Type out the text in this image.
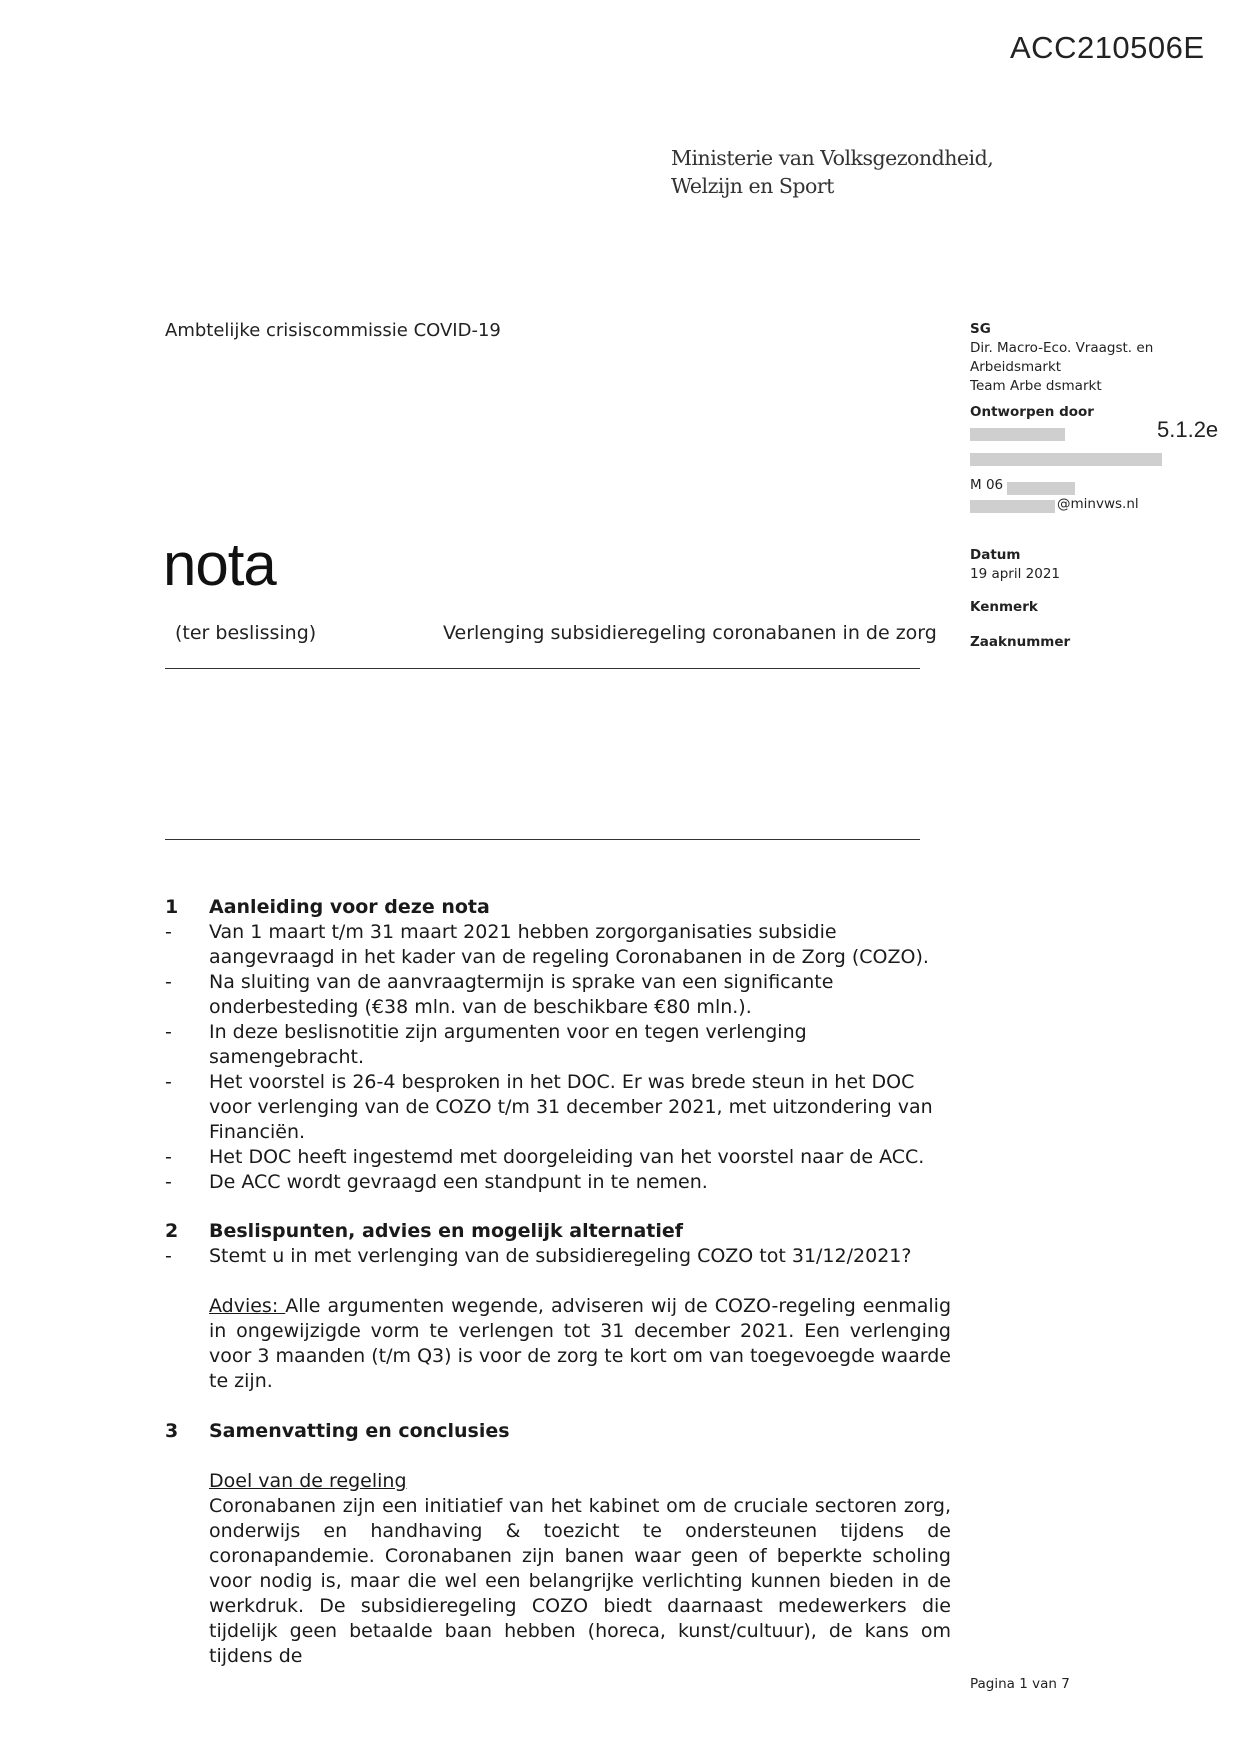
ACC210506E
Ministerie van Volksgezondheid,
Welzijn en Sport
Ambtelijke crisiscommissie COVID-19
nota
(ter beslissing)	Verlenging subsidieregeling coronabanen in de zorg
SG
Dir. Macro-Eco. Vraagst. en
Arbeidsmarkt
Team Arbe dsmarkt
Ontworpen door
5.1.2e
M 06
@minvws.nl
Datum
19 april 2021
Kenmerk
Zaaknummer
1 Aanleiding voor deze nota
- Van 1 maart t/m 31 maart 2021 hebben zorgorganisaties subsidie aangevraagd in het kader van de regeling Coronabanen in de Zorg (COZO).
- Na sluiting van de aanvraagtermijn is sprake van een significante onderbesteding (€38 mln. van de beschikbare €80 mln.).
- In deze beslisnotitie zijn argumenten voor en tegen verlenging samengebracht.
- Het voorstel is 26-4 besproken in het DOC. Er was brede steun in het DOC voor verlenging van de COZO t/m 31 december 2021, met uitzondering van Financiën.
- Het DOC heeft ingestemd met doorgeleiding van het voorstel naar de ACC.
- De ACC wordt gevraagd een standpunt in te nemen.
2 Beslispunten, advies en mogelijk alternatief
- Stemt u in met verlenging van de subsidieregeling COZO tot 31/12/2021?
Advies: Alle argumenten wegende, adviseren wij de COZO-regeling eenmalig in ongewijzigde vorm te verlengen tot 31 december 2021. Een verlenging voor 3 maanden (t/m Q3) is voor de zorg te kort om van toegevoegde waarde te zijn.
3 Samenvatting en conclusies
Doel van de regeling
Coronabanen zijn een initiatief van het kabinet om de cruciale sectoren zorg, onderwijs en handhaving & toezicht te ondersteunen tijdens de coronapandemie. Coronabanen zijn banen waar geen of beperkte scholing voor nodig is, maar die wel een belangrijke verlichting kunnen bieden in de werkdruk. De subsidieregeling COZO biedt daarnaast medewerkers die tijdelijk geen betaalde baan hebben (horeca, kunst/cultuur), de kans om tijdens de
Pagina 1 van 7
